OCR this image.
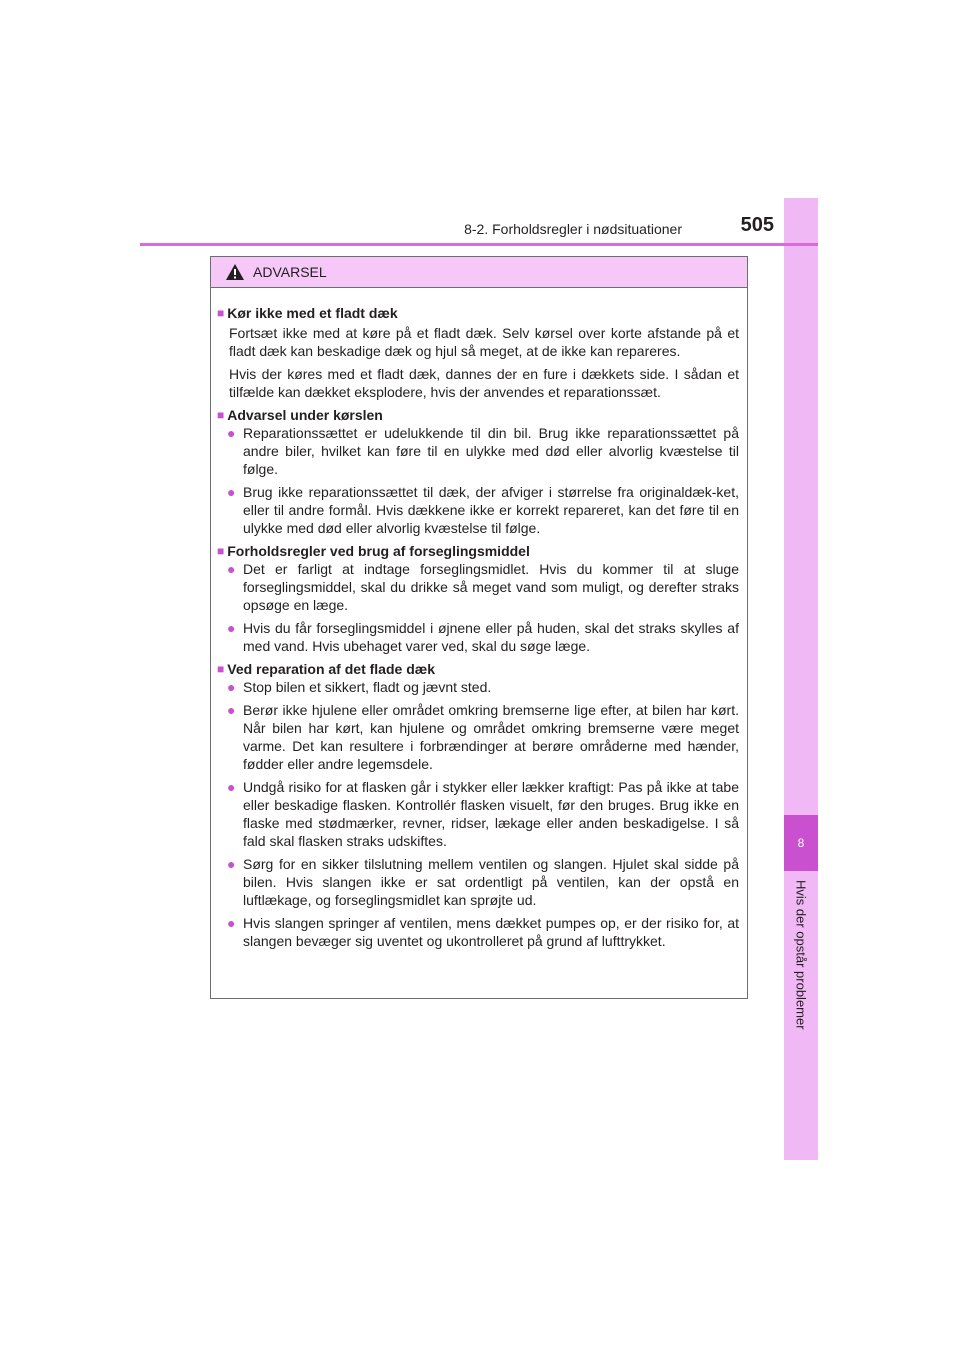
8
Hvis der opstår problemer
8-2. Forholdsregler i nødsituationer	505
ADVARSEL
■ Kør ikke med et fladt dæk
Fortsæt ikke med at køre på et fladt dæk. Selv kørsel over korte afstande på et fladt dæk kan beskadige dæk og hjul så meget, at de ikke kan repareres.
Hvis der køres med et fladt dæk, dannes der en fure i dækkets side. I sådan et tilfælde kan dækket eksplodere, hvis der anvendes et reparationssæt.
■ Advarsel under kørslen
● Reparationssættet er udelukkende til din bil. Brug ikke reparationssættet på andre biler, hvilket kan føre til en ulykke med død eller alvorlig kvæstelse til følge.
● Brug ikke reparationssættet til dæk, der afviger i størrelse fra originaldæk-ket, eller til andre formål. Hvis dækkene ikke er korrekt repareret, kan det føre til en ulykke med død eller alvorlig kvæstelse til følge.
■ Forholdsregler ved brug af forseglingsmiddel
● Det er farligt at indtage forseglingsmidlet. Hvis du kommer til at sluge forseglingsmiddel, skal du drikke så meget vand som muligt, og derefter straks opsøge en læge.
● Hvis du får forseglingsmiddel i øjnene eller på huden, skal det straks skylles af med vand. Hvis ubehaget varer ved, skal du søge læge.
■ Ved reparation af det flade dæk
● Stop bilen et sikkert, fladt og jævnt sted.
● Berør ikke hjulene eller området omkring bremserne lige efter, at bilen har kørt. Når bilen har kørt, kan hjulene og området omkring bremserne være meget varme. Det kan resultere i forbrændinger at berøre områderne med hænder, fødder eller andre legemsdele.
● Undgå risiko for at flasken går i stykker eller lækker kraftigt: Pas på ikke at tabe eller beskadige flasken. Kontrollér flasken visuelt, før den bruges. Brug ikke en flaske med stødmærker, revner, ridser, lækage eller anden beskadigelse. I så fald skal flasken straks udskiftes.
● Sørg for en sikker tilslutning mellem ventilen og slangen. Hjulet skal sidde på bilen. Hvis slangen ikke er sat ordentligt på ventilen, kan der opstå en luftlækage, og forseglingsmidlet kan sprøjte ud.
● Hvis slangen springer af ventilen, mens dækket pumpes op, er der risiko for, at slangen bevæger sig uventet og ukontrolleret på grund af lufttrykket.
